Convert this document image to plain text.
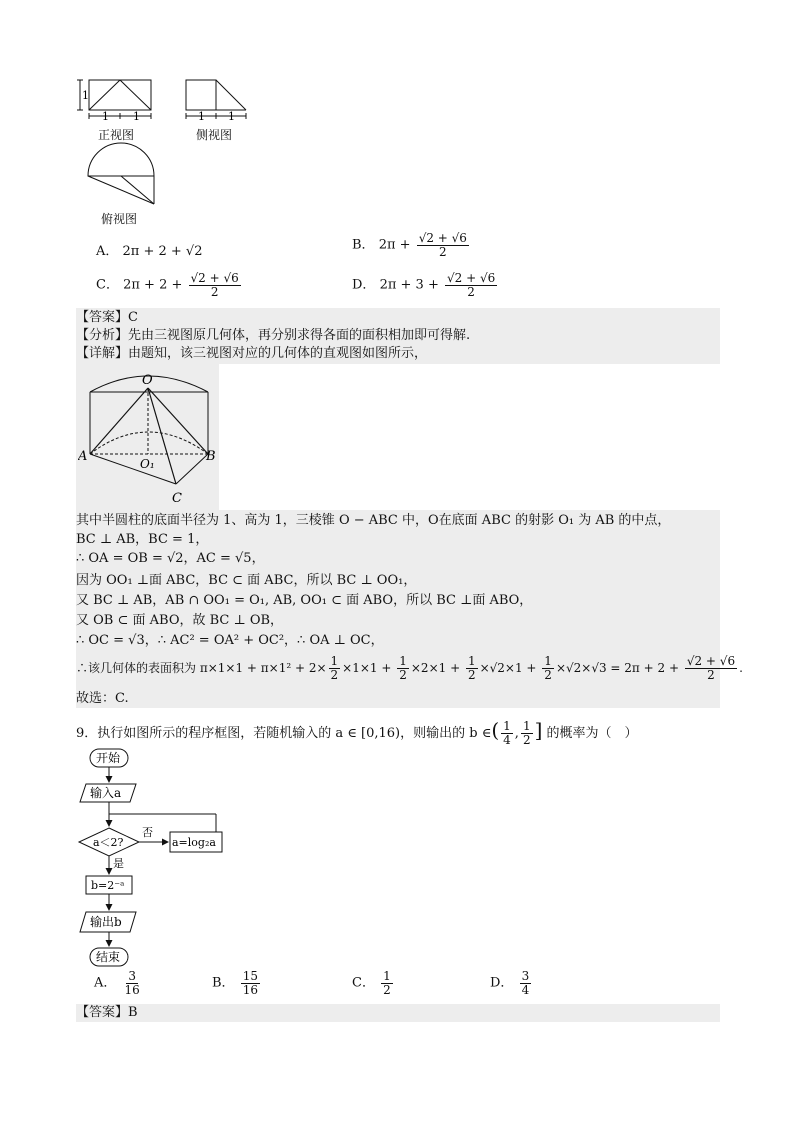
1
1 1
正视图
1 1
侧视图
俯视图
A． 2π + 2 + √2	B． $2\pi + \frac{√2 + √6}{2}$
C． $2\pi + 2 + \frac{√2 + √6}{2}$	D． $2\pi + 3 + \frac{√2 + √6}{2}$
【答案】C
【分析】先由三视图原几何体，再分别求得各面的面积相加即可得解.
【详解】由题知，该三视图对应的几何体的直观图如图所示，
O
A	B
C
O₁
其中半圆柱的底面半径为 1、高为 1，三棱锥 O − ABC 中，O在底面 ABC 的射影 O₁ 为 AB 的中点，
BC ⊥ AB，BC = 1，
∴ OA = OB = √2，AC = √5，
因为 OO₁ ⊥面 ABC，BC ⊂ 面 ABC，所以 BC ⊥ OO₁，
又 BC ⊥ AB，AB ∩ OO₁ = O₁, AB, OO₁ ⊂ 面 ABO，所以 BC ⊥面 ABO，
又 OB ⊂ 面 ABO，故 BC ⊥ OB，
∴ OC = √3，∴ AC² = OA² + OC²，∴ OA ⊥ OC，
∴该几何体的表面积为 $\pi\times 1\times 1 + \pi\times 1^2 + 2\times \frac{1}{2} \times 1\times 1 + \frac{1}{2} \times 2\times 1 + \frac{1}{2} \times√2\times 1 + \frac{1}{2} \times√2\times√3 = 2\pi + 2 + \frac{√2 + √6}{2}$ .
故选：C.
9．执行如图所示的程序框图，若随机输入的 a ∈ [0,16)，则输出的 b ∈( $\frac{1}{4}$ , $\frac{1}{2}$ ] 的概率为（　）
开始
输入a
a＜2?
否
a=log₂a
是
b=2⁻ᵃ
输出b
结束
A． $\frac{3}{16}$	B． $\frac{15}{16}$	C． $\frac{1}{2}$	D． $\frac{3}{4}$
【答案】B
